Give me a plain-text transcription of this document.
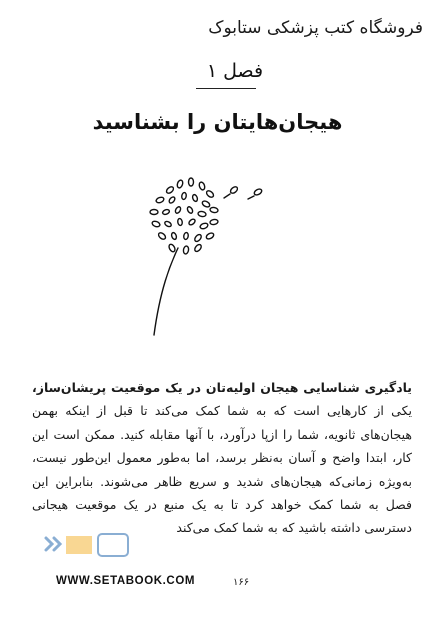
فروشگاه کتب پزشکی ستابوک
فصل ۱
هیجان‌هایتان را بشناسید
یادگیری شناسایی هیجان اولیه‌تان در یک موقعیت پریشان‌ساز، یکی از کارهایی است که به شما کمک می‌کند تا قبل از اینکه بهمن هیجان‌های ثانویه، شما را ازپا درآورد، با آنها مقابله کنید. ممکن است این کار، ابتدا واضح و آسان به‌نظر برسد، اما به‌طور معمول این‌طور نیست، به‌ویژه زمانی‌که هیجان‌های شدید و سریع ظاهر می‌شوند. بنابراین این فصل به شما کمک خواهد کرد تا به یک منبع در یک موقعیت هیجانی دسترسی داشته باشید که به شما کمک می‌کند
WWW.SETABOOK.COM	۱۶۶
